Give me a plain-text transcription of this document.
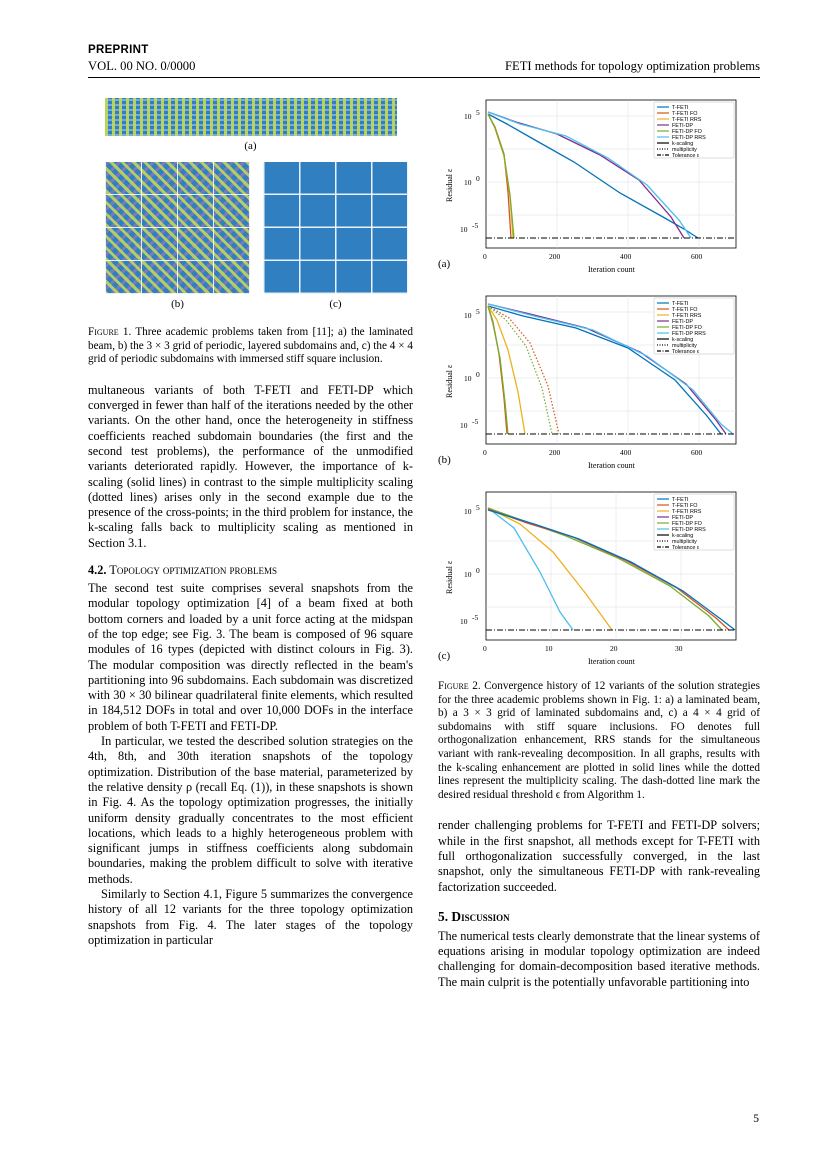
PREPRINT
VOL. 00 NO. 0/0000	FETI methods for topology optimization problems
(a)
(b)	(c)

Figure 1. Three academic problems taken from [11]; a) the laminated beam, b) the 3 × 3 grid of periodic, layered subdomains and, c) the 4 × 4 grid of periodic subdomains with immersed stiff square inclusion.

multaneous variants of both T-FETI and FETI-DP which converged in fewer than half of the iterations needed by the other variants. On the other hand, once the heterogeneity in stiffness coefficients reached subdomain boundaries (the first and the second test problems), the performance of the unmodified variants deteriorated rapidly. However, the importance of k-scaling (solid lines) in contrast to the simple multiplicity scaling (dotted lines) arises only in the second example due to the presence of the cross-points; in the third problem for instance, the k-scaling falls back to multiplicity scaling as mentioned in Section 3.1.

4.2. Topology optimization problems

The second test suite comprises several snapshots from the modular topology optimization [4] of a beam fixed at both bottom corners and loaded by a unit force acting at the midspan of the top edge; see Fig. 3. The beam is composed of 96 square modules of 16 types (depicted with distinct colours in Fig. 3). The modular composition was directly reflected in the beam's partitioning into 96 subdomains. Each subdomain was discretized with 30 × 30 bilinear quadrilateral finite elements, which resulted in 184,512 DOFs in total and over 10,000 DOFs in the interface problem of both T-FETI and FETI-DP.

In particular, we tested the described solution strategies on the 4th, 8th, and 30th iteration snapshots of the topology optimization. Distribution of the base material, parameterized by the relative density ρ (recall Eq. (1)), in these snapshots is shown in Fig. 4. As the topology optimization progresses, the initially uniform density gradually concentrates to the most efficient locations, which leads to a highly heterogeneous problem with significant jumps in stiffness coefficients along subdomain boundaries, making the problem difficult to solve with iterative methods.

Similarly to Section 4.1, Figure 5 summarizes the convergence history of all 12 variants for the three topology optimization snapshots from Fig. 4. The later stages of the topology optimization in particular

10 5
10 0
10 -5
0	200	400	600
Iteration count
Residual ε
T-FETI
T-FETI FO
T-FETI RRS
FETI-DP
FETI-DP FO
FETI-DP RRS
k-scaling
multiplicity
Tolerance ϵ
(a)
10 5
10 0
10 -5
0	200	400	600
Iteration count
Residual ε
T-FETI
T-FETI FO
T-FETI RRS
FETI-DP
FETI-DP FO
FETI-DP RRS
k-scaling
multiplicity
Tolerance ϵ
(b)
10 5
10 0
10 -5
0	10	20	30
Iteration count
Residual ε
T-FETI
T-FETI FO
T-FETI RRS
FETI-DP
FETI-DP FO
FETI-DP RRS
k-scaling
multiplicity
Tolerance ϵ
(c)

Figure 2. Convergence history of 12 variants of the solution strategies for the three academic problems shown in Fig. 1: a) a laminated beam, b) a 3 × 3 grid of laminated subdomains and, c) a 4 × 4 grid of subdomains with stiff square inclusions. FO denotes full orthogonalization enhancement, RRS stands for the simultaneous variant with rank-revealing decomposition. In all graphs, results with the k-scaling enhancement are plotted in solid lines while the dotted lines represent the multiplicity scaling. The dash-dotted line mark the desired residual threshold ϵ from Algorithm 1.

render challenging problems for T-FETI and FETI-DP solvers; while in the first snapshot, all methods except for T-FETI with full orthogonalization successfully converged, in the last snapshot, only the simultaneous FETI-DP with rank-revealing factorization succeeded.

5. Discussion

The numerical tests clearly demonstrate that the linear systems of equations arising in modular topology optimization are indeed challenging for domain-decomposition based iterative methods. The main culprit is the potentially unfavorable partitioning into

5
